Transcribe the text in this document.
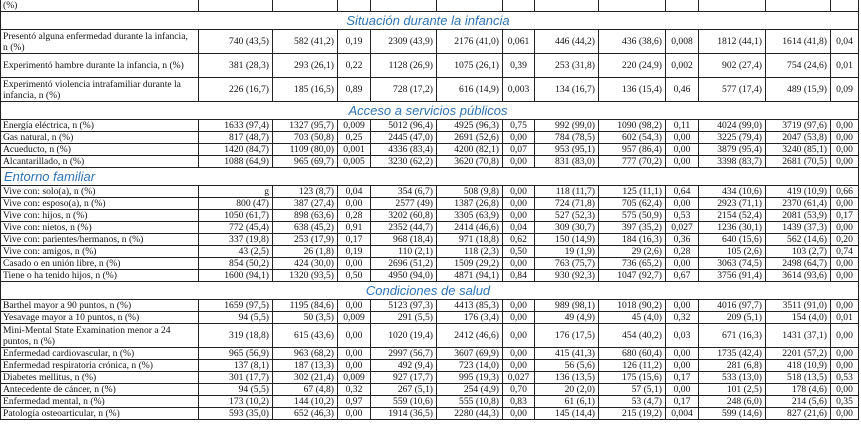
(%)												
Situación durante la infancia												
Presentó alguna enfermedad durante la infancia, n (%)	740 (43,5)	582 (41,2)	0,19	2309 (43,9)	2176 (41,0)	0,061	446 (44,2)	436 (38,6)	0,008	1812 (44,1)	1614 (41,8)	0,04
Experimentó hambre durante la infancia, n (%)	381 (28,3)	293 (26,1)	0,22	1128 (26,9)	1075 (26,1)	0,39	253 (31,8)	220 (24,9)	0,002	902 (27,4)	754 (24,6)	0,01
Experimentó violencia intrafamiliar durante la infancia, n (%)	226 (16,7)	185 (16,5)	0,89	728 (17,2)	616 (14,9)	0,003	134 (16,7)	136 (15,4)	0,46	577 (17,4)	489 (15,9)	0,09
Acceso a servicios públicos												
Energía eléctrica, n (%)	1633 (97,4)	1327 (95,7)	0,009	5012 (96,4)	4925 (96,3)	0,75	992 (99,0)	1090 (98,2)	0,11	4024 (99,0)	3719 (97,6)	0,00
Gas natural, n (%)	817 (48,7)	703 (50,8)	0,25	2445 (47,0)	2691 (52,6)	0,00	784 (78,5)	602 (54,3)	0,00	3225 (79,4)	2047 (53,8)	0,00
Acueducto, n (%)	1420 (84,7)	1109 (80,0)	0,001	4336 (83,4)	4200 (82,1)	0,07	953 (95,1)	957 (86,4)	0,00	3879 (95,4)	3240 (85,1)	0,00
Alcantarillado, n (%)	1088 (64,9)	965 (69,7)	0,005	3230 (62,2)	3620 (70,8)	0,00	831 (83,0)	777 (70,2)	0,00	3398 (83,7)	2681 (70,5)	0,00
Entorno familiar												
Vive con: solo(a), n (%)	g	123 (8,7)	0,04	354 (6,7)	508 (9,8)	0,00	118 (11,7)	125 (11,1)	0,64	434 (10,6)	419 (10,9)	0,66
Vive con: esposo(a), n (%)	800 (47)	387 (27,4)	0,00	2577 (49)	1387 (26,8)	0,00	724 (71,8)	705 (62,4)	0,00	2923 (71,1)	2370 (61,4)	0,00
Vive con: hijos, n (%)	1050 (61,7)	898 (63,6)	0,28	3202 (60,8)	3305 (63,9)	0,00	527 (52,3)	575 (50,9)	0,53	2154 (52,4)	2081 (53,9)	0,17
Vive con: nietos, n (%)	772 (45,4)	638 (45,2)	0,91	2352 (44,7)	2414 (46,6)	0,04	309 (30,7)	397 (35,2)	0,027	1236 (30,1)	1439 (37,3)	0,00
Vive con: parientes/hermanos, n (%)	337 (19,8)	253 (17,9)	0,17	968 (18,4)	971 (18,8)	0,62	150 (14,9)	184 (16,3)	0,36	640 (15,6)	562 (14,6)	0,20
Vive con: amigos, n (%)	43 (2,5)	26 (1,8)	0,19	110 (2,1)	118 (2,3)	0,50	19 (1,9)	29 (2,6)	0,28	105 (2,6)	103 (2,7)	0,74
Casado o en unión libre, n (%)	854 (50,2)	424 (30,0)	0,00	2696 (51,2)	1509 (29,2)	0,00	763 (75,7)	736 (65,2)	0,00	3063 (74,5)	2498 (64,7)	0,00
Tiene o ha tenido hijos, n (%)	1600 (94,1)	1320 (93,5)	0,50	4950 (94,0)	4871 (94,1)	0,84	930 (92,3)	1047 (92,7)	0,67	3756 (91,4)	3614 (93,6)	0,00
Condiciones de salud												
Barthel mayor a 90 puntos, n (%)	1659 (97,5)	1195 (84,6)	0,00	5123 (97,3)	4413 (85,3)	0,00	989 (98,1)	1018 (90,2)	0,00	4016 (97,7)	3511 (91,0)	0,00
Yesavage mayor a 10 puntos, n (%)	94 (5,5)	50 (3,5)	0,009	291 (5,5)	176 (3,4)	0,00	49 (4,9)	45 (4,0)	0,32	209 (5,1)	154 (4,0)	0,01
Mini-Mental State Examination menor a 24 puntos, n (%)	319 (18,8)	615 (43,6)	0,00	1020 (19,4)	2412 (46,6)	0,00	176 (17,5)	454 (40,2)	0,03	671 (16,3)	1431 (37,1)	0,00
Enfermedad cardiovascular, n (%)	965 (56,9)	963 (68,2)	0,00	2997 (56,7)	3607 (69,9)	0,00	415 (41,3)	680 (60,4)	0,00	1735 (42,4)	2201 (57,2)	0,00
Enfermedad respiratoria crónica, n (%)	137 (8,1)	187 (13,3)	0,00	492 (9,4)	723 (14,0)	0,00	56 (5,6)	126 (11,2)	0,00	281 (6,8)	418 (10,9)	0,00
Diabetes mellitus, n (%)	301 (17,7)	302 (21,4)	0,009	927 (17,7)	995 (19,3)	0,027	136 (13,5)	175 (15,6)	0,17	533 (13,0)	518 (13,5)	0,53
Antecedente de cáncer, n (%)	94 (5,5)	67 (4,8)	0,32	267 (5,1)	254 (4,9)	0,70	20 (2,0)	57 (5,1)	0,00	101 (2,5)	178 (4,6)	0,00
Enfermedad mental, n (%)	173 (10,2)	144 (10,2)	0,97	559 (10,6)	555 (10,8)	0,83	61 (6,1)	53 (4,7)	0,17	248 (6,0)	214 (5,6)	0,35
Patología osteoarticular, n (%)	593 (35,0)	652 (46,3)	0,00	1914 (36,5)	2280 (44,3)	0,00	145 (14,4)	215 (19,2)	0,004	599 (14,6)	827 (21,6)	0,00
